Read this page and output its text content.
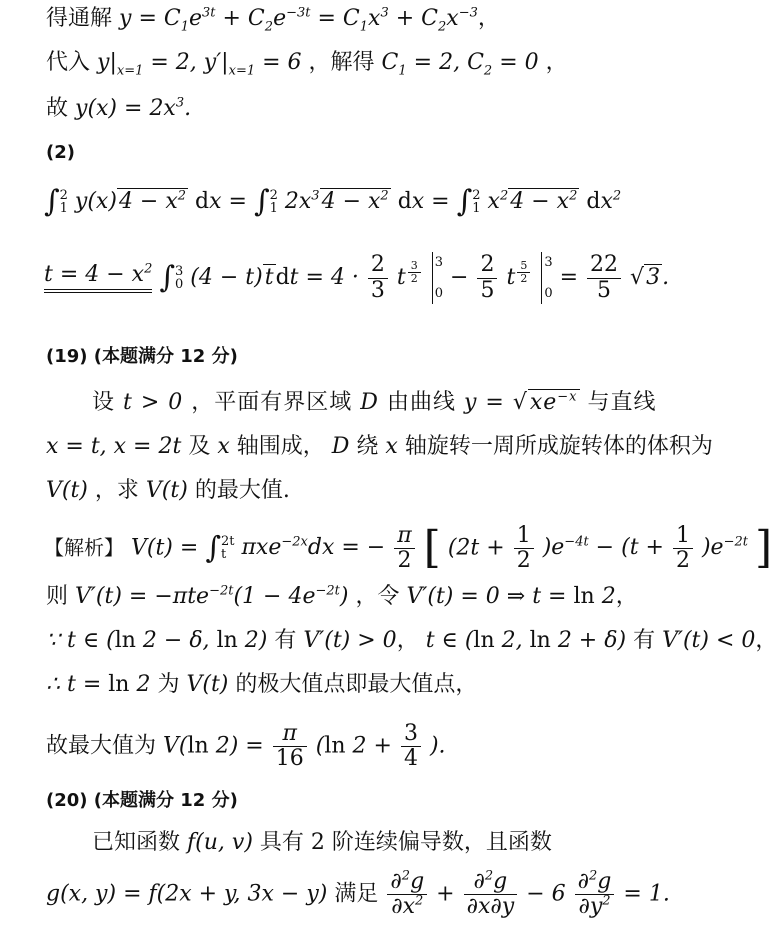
得通解 $y = C_1e^{3t} + C_2e^{-3t} = C_1x^3 + C_2x^{-3}$，
代入 $y|_{x=1} = 2$, $y'|_{x=1} = 6$ ，解得 $C_1 = 2$, $C_2 = 0$ ，
故 $y(x) = 2x^3$.
(2)
∫ 2
1 $y(x)4 - x^2$ dx = ∫ 2
1 $2x^34 - x^2$ dx = ∫ 2
1 $x^24 - x^2$ $dx^2$
$t = 4 - x^2$ ∫ 3
0 $(4 - t)tdt = 4 \cdot \frac{2}{3}$ t $^{\frac{3}{2}}$
3
0
− $\frac{2}{5}$ t $^{\frac{5}{2}}$
3
0
= $\frac{22}{5} √3$.
(19) (本题满分 12 分)
设 t > 0 ，平面有界区域 D 由曲线 $y = √xe^{-x}$ 与直线
x = t, x = 2t 及 x 轴围成， D 绕 x 轴旋转一周所成旋转体的体积为
V(t) ，求 V(t) 的最大值.
【解析】 V(t) = ∫ 2t
t πxe$^{-2x}$dx = − $\frac{\pi}{2}$ [ $(2t + \frac{1}{2} )e^{-4t} - (t + \frac{1}{2} )e^{-2t}$ ]
则 $V'(t) = -\pi te^{-2t}(1 - 4e^{-2t})$ ，令 V′(t) = 0 ⇒ t = ln 2，
∵ t ∈ (ln 2 − δ, ln 2) 有 V′(t) > 0， t ∈ (ln 2, ln 2 + δ) 有 V′(t) < 0，
∴ t = ln 2 为 V(t) 的极大值点即最大值点，
故最大值为 V(ln $2) = \frac{\pi}{16} (\ln$ $2 + \frac{3}{4}$ ).
(20) (本题满分 12 分)
已知函数 f(u, v) 具有 2 阶连续偏导数，且函数
g(x, y) = f(2x + y, 3x − y) 满足 $\frac{\partial^2g}{\partial x^2} + \frac{\partial^2g}{\partial x\partial y} - 6 \frac{\partial^2g}{\partial y^2} = 1$.
